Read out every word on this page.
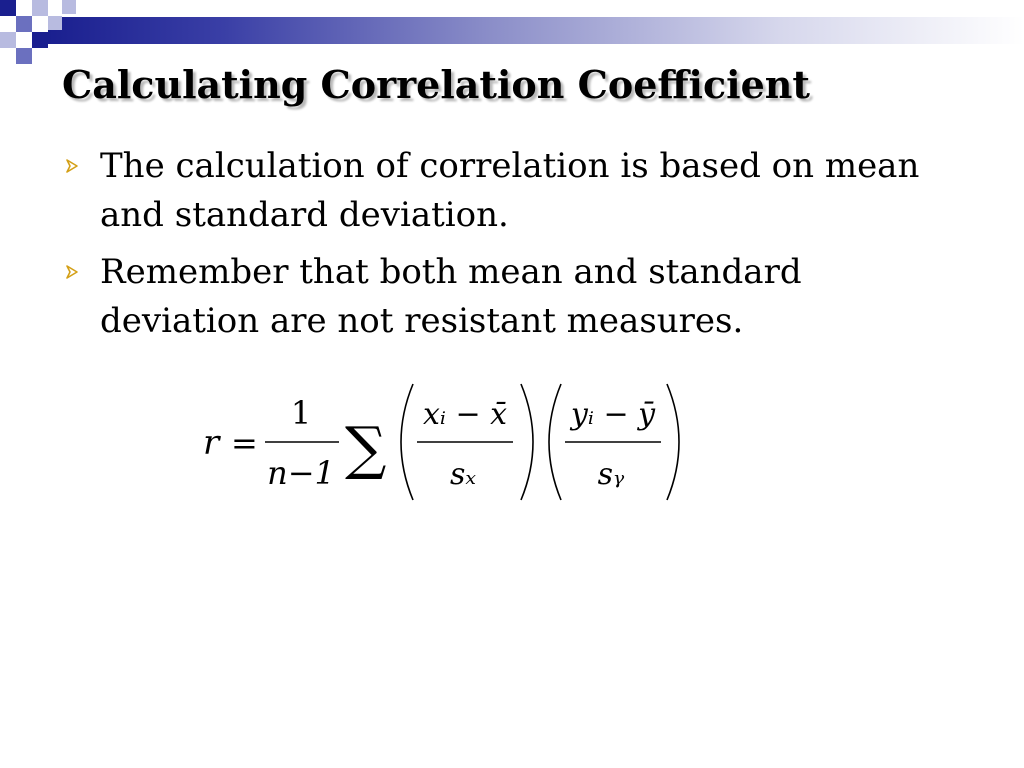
Calculating Correlation Coefficient
The calculation of correlation is based on mean and standard deviation.
Remember that both mean and standard deviation are not resistant measures.
r =
1
n−1 ∑ xᵢ − x̄
sₓ
yᵢ − ȳ
sᵧ
